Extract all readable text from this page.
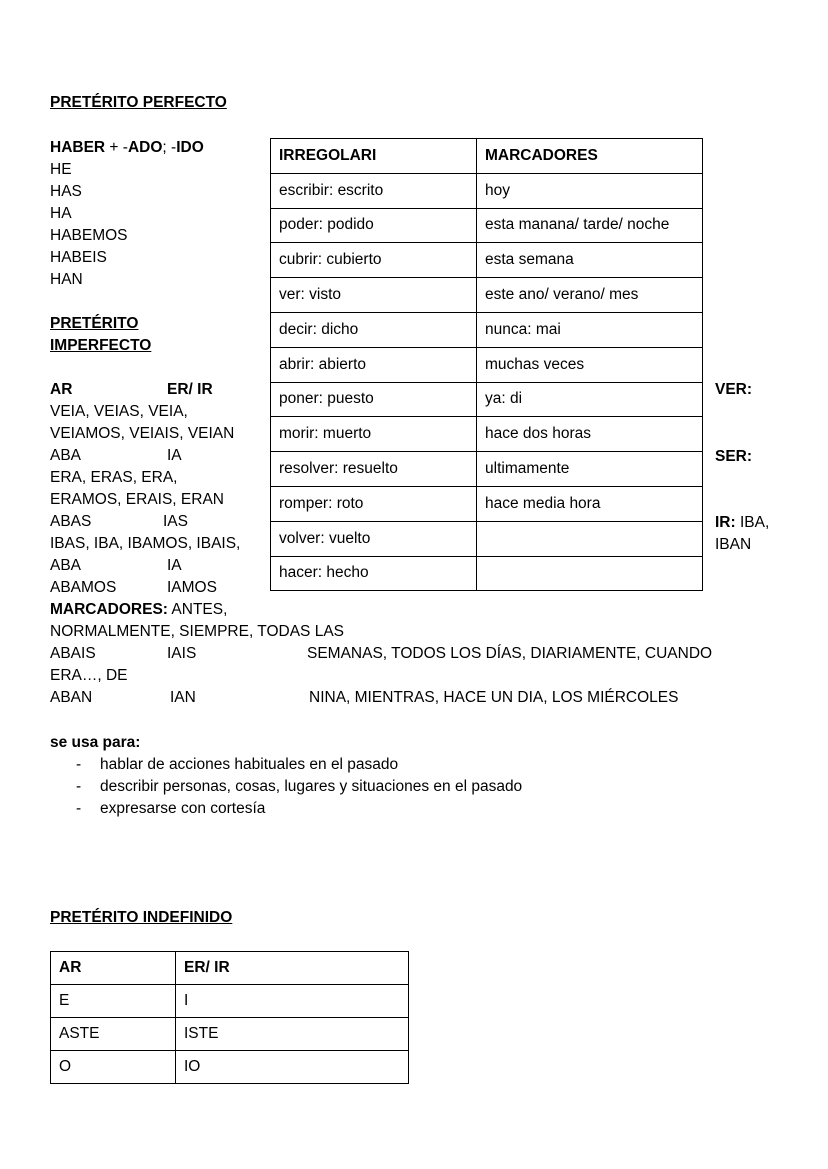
PRETÉRITO PERFECTO
HABER + -ADO; -IDO
HE
HAS
HA
HABEMOS
HABEIS
HAN
IRREGOLARI	MARCADORES
escribir: escrito	hoy
poder: podido	esta manana/ tarde/ noche
cubrir: cubierto	esta semana
ver: visto	este ano/ verano/ mes
decir: dicho	nunca: mai
abrir: abierto	muchas veces
poner: puesto	ya: di
morir: muerto	hace dos horas
resolver: resuelto	ultimamente
romper: roto	hace media hora
volver: vuelto	
hacer: hecho	
PRETÉRITO
IMPERFECTO
AR	ER/ IR
VEIA, VEIAS, VEIA,
VEIAMOS, VEIAIS, VEIAN
ABA	IA
ERA, ERAS, ERA,
ERAMOS, ERAIS, ERAN
ABAS	IAS
IBAS, IBA, IBAMOS, IBAIS,
ABA	IA
ABAMOS	IAMOS
MARCADORES: ANTES,
NORMALMENTE, SIEMPRE, TODAS LAS
ABAIS	IAIS	SEMANAS, TODOS LOS DÍAS, DIARIAMENTE, CUANDO
ERA…, DE
ABAN	IAN	NINA, MIENTRAS, HACE UN DIA, LOS MIÉRCOLES
VER:
SER:
IR: IBA,
IBAN
se usa para:
- hablar de acciones habituales en el pasado
- describir personas, cosas, lugares y situaciones en el pasado
- expresarse con cortesía
PRETÉRITO INDEFINIDO
AR	ER/ IR
E	I
ASTE	ISTE
O	IO
